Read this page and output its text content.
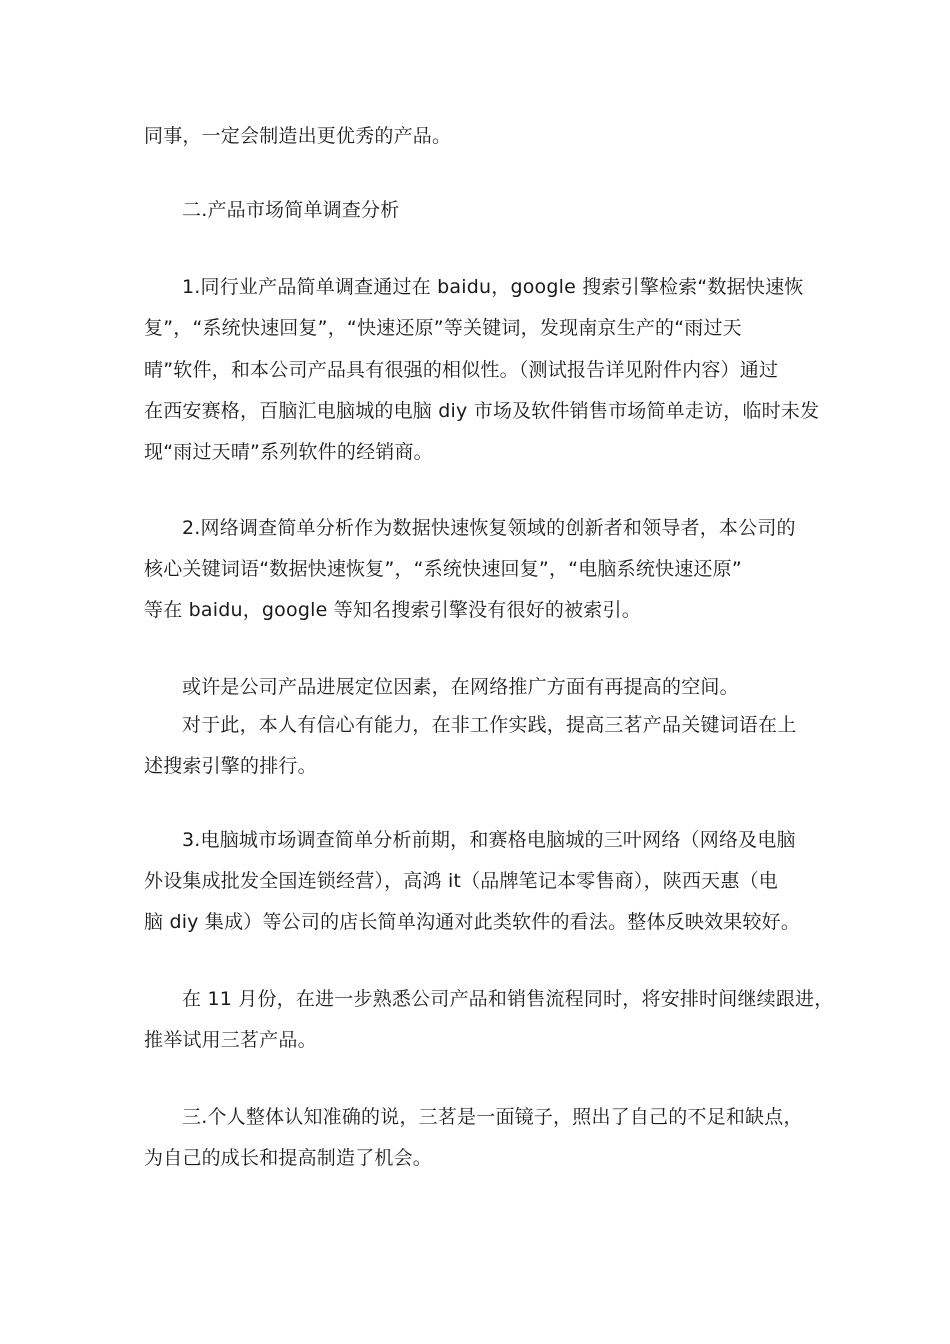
同事，一定会制造出更优秀的产品。
二.产品市场简单调查分析
1.同行业产品简单调查通过在 baidu，google 搜索引擎检索“数据快速恢
复”，“系统快速回复”，“快速还原”等关键词，发现南京生产的“雨过天
晴”软件，和本公司产品具有很强的相似性。（测试报告详见附件内容）通过
在西安赛格，百脑汇电脑城的电脑 diy 市场及软件销售市场简单走访，临时未发
现“雨过天晴”系列软件的经销商。
2.网络调查简单分析作为数据快速恢复领域的创新者和领导者，本公司的
核心关键词语“数据快速恢复”，“系统快速回复”，“电脑系统快速还原”
等在 baidu，google 等知名搜索引擎没有很好的被索引。
或许是公司产品进展定位因素，在网络推广方面有再提高的空间。
对于此，本人有信心有能力，在非工作实践，提高三茗产品关键词语在上
述搜索引擎的排行。
3.电脑城市场调查简单分析前期，和赛格电脑城的三叶网络（网络及电脑
外设集成批发全国连锁经营），高鸿 it（品牌笔记本零售商），陕西天惠（电
脑 diy 集成）等公司的店长简单沟通对此类软件的看法。整体反映效果较好。
在 11 月份，在进一步熟悉公司产品和销售流程同时，将安排时间继续跟进，
推举试用三茗产品。
三.个人整体认知准确的说，三茗是一面镜子，照出了自己的不足和缺点，
为自己的成长和提高制造了机会。
